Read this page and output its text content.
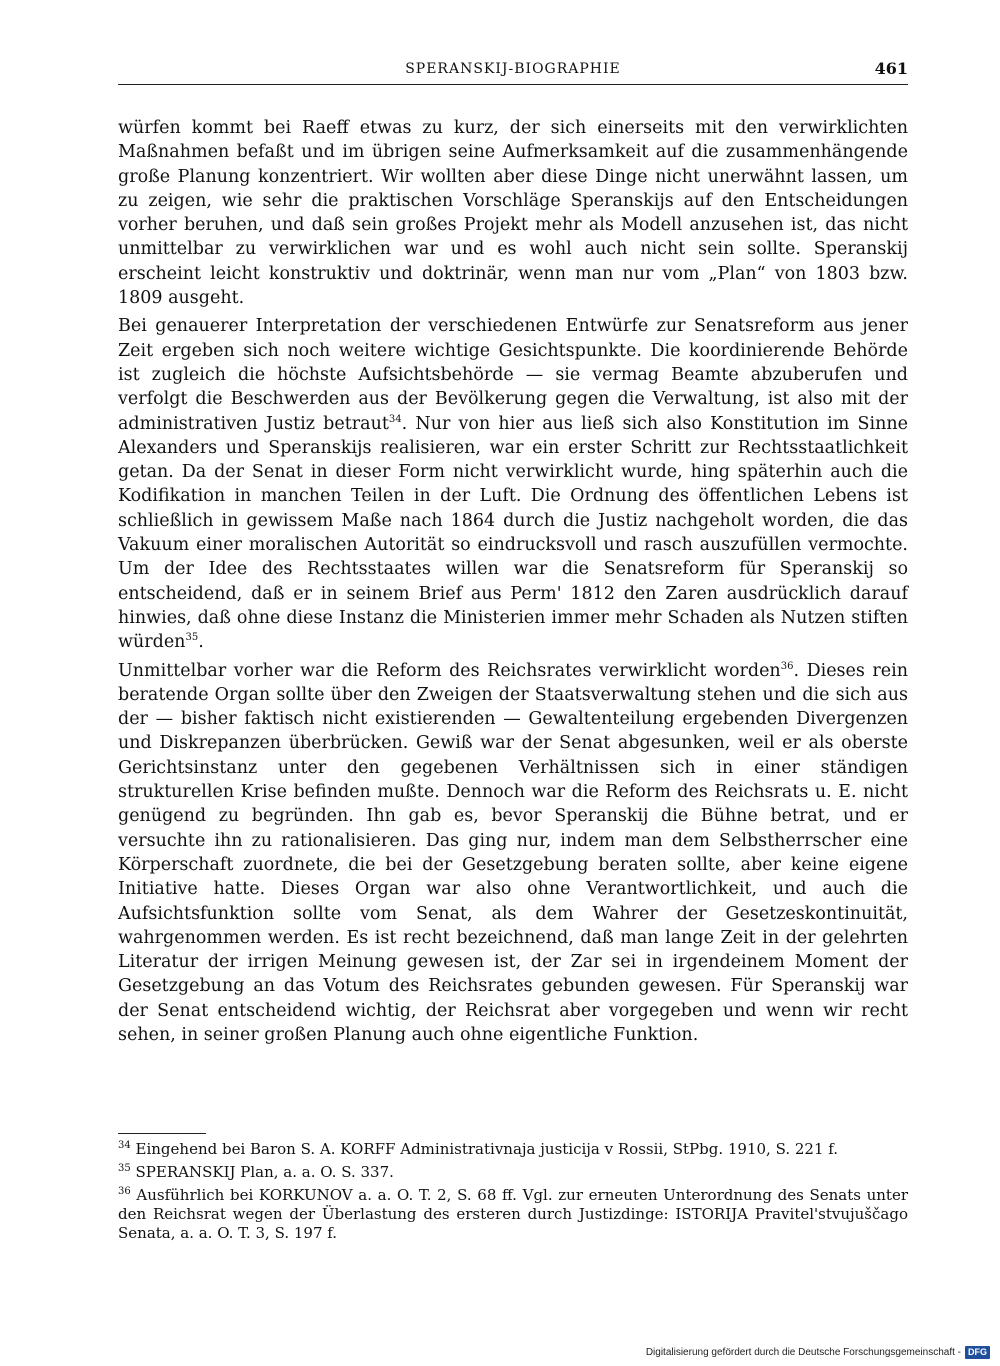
SPERANSKIJ-BIOGRAPHIE	461

würfen kommt bei Raeff etwas zu kurz, der sich einerseits mit den verwirklichten Maßnahmen befaßt und im übrigen seine Aufmerksamkeit auf die zusammenhängende große Planung konzentriert. Wir wollten aber diese Dinge nicht unerwähnt lassen, um zu zeigen, wie sehr die praktischen Vorschläge Speranskijs auf den Entscheidungen vorher beruhen, und daß sein großes Projekt mehr als Modell anzusehen ist, das nicht unmittelbar zu verwirklichen war und es wohl auch nicht sein sollte. Speranskij erscheint leicht konstruktiv und doktrinär, wenn man nur vom „Plan“ von 1803 bzw. 1809 ausgeht.

Bei genauerer Interpretation der verschiedenen Entwürfe zur Senatsreform aus jener Zeit ergeben sich noch weitere wichtige Gesichtspunkte. Die koordinierende Behörde ist zugleich die höchste Aufsichtsbehörde — sie vermag Beamte abzuberufen und verfolgt die Beschwerden aus der Bevölkerung gegen die Verwaltung, ist also mit der administrativen Justiz betraut$^{34}$. Nur von hier aus ließ sich also Konstitution im Sinne Alexanders und Speranskijs realisieren, war ein erster Schritt zur Rechtsstaatlichkeit getan. Da der Senat in dieser Form nicht verwirklicht wurde, hing späterhin auch die Kodifikation in manchen Teilen in der Luft. Die Ordnung des öffentlichen Lebens ist schließlich in gewissem Maße nach 1864 durch die Justiz nachgeholt worden, die das Vakuum einer moralischen Autorität so eindrucksvoll und rasch auszufüllen vermochte. Um der Idee des Rechtsstaates willen war die Senatsreform für Speranskij so entscheidend, daß er in seinem Brief aus Perm' 1812 den Zaren ausdrücklich darauf hinwies, daß ohne diese Instanz die Ministerien immer mehr Schaden als Nutzen stiften würden$^{35}$.

Unmittelbar vorher war die Reform des Reichsrates verwirklicht worden$^{36}$. Dieses rein beratende Organ sollte über den Zweigen der Staatsverwaltung stehen und die sich aus der — bisher faktisch nicht existierenden — Gewaltenteilung ergebenden Divergenzen und Diskrepanzen überbrücken. Gewiß war der Senat abgesunken, weil er als oberste Gerichtsinstanz unter den gegebenen Verhältnissen sich in einer ständigen strukturellen Krise befinden mußte. Dennoch war die Reform des Reichsrats u. E. nicht genügend zu begründen. Ihn gab es, bevor Speranskij die Bühne betrat, und er versuchte ihn zu rationalisieren. Das ging nur, indem man dem Selbstherrscher eine Körperschaft zuordnete, die bei der Gesetzgebung beraten sollte, aber keine eigene Initiative hatte. Dieses Organ war also ohne Verantwortlichkeit, und auch die Aufsichtsfunktion sollte vom Senat, als dem Wahrer der Gesetzeskontinuität, wahrgenommen werden. Es ist recht bezeichnend, daß man lange Zeit in der gelehrten Literatur der irrigen Meinung gewesen ist, der Zar sei in irgendeinem Moment der Gesetzgebung an das Votum des Reichsrates gebunden gewesen. Für Speranskij war der Senat entscheidend wichtig, der Reichsrat aber vorgegeben und wenn wir recht sehen, in seiner großen Planung auch ohne eigentliche Funktion.

$^{34}$ Eingehend bei Baron S. A. KORFF Administrativnaja justicija v Rossii, StPbg. 1910, S. 221 f.
$^{35}$ SPERANSKIJ Plan, a. a. O. S. 337.
$^{36}$ Ausführlich bei KORKUNOV a. a. O. T. 2, S. 68 ff. Vgl. zur erneuten Unterordnung des Senats unter den Reichsrat wegen der Überlastung des ersteren durch Justizdinge: ISTORIJA Pravitel'stvujuščago Senata, a. a. O. T. 3, S. 197 f.
Digitalisierung gefördert durch die Deutsche Forschungsgemeinschaft - DFG
